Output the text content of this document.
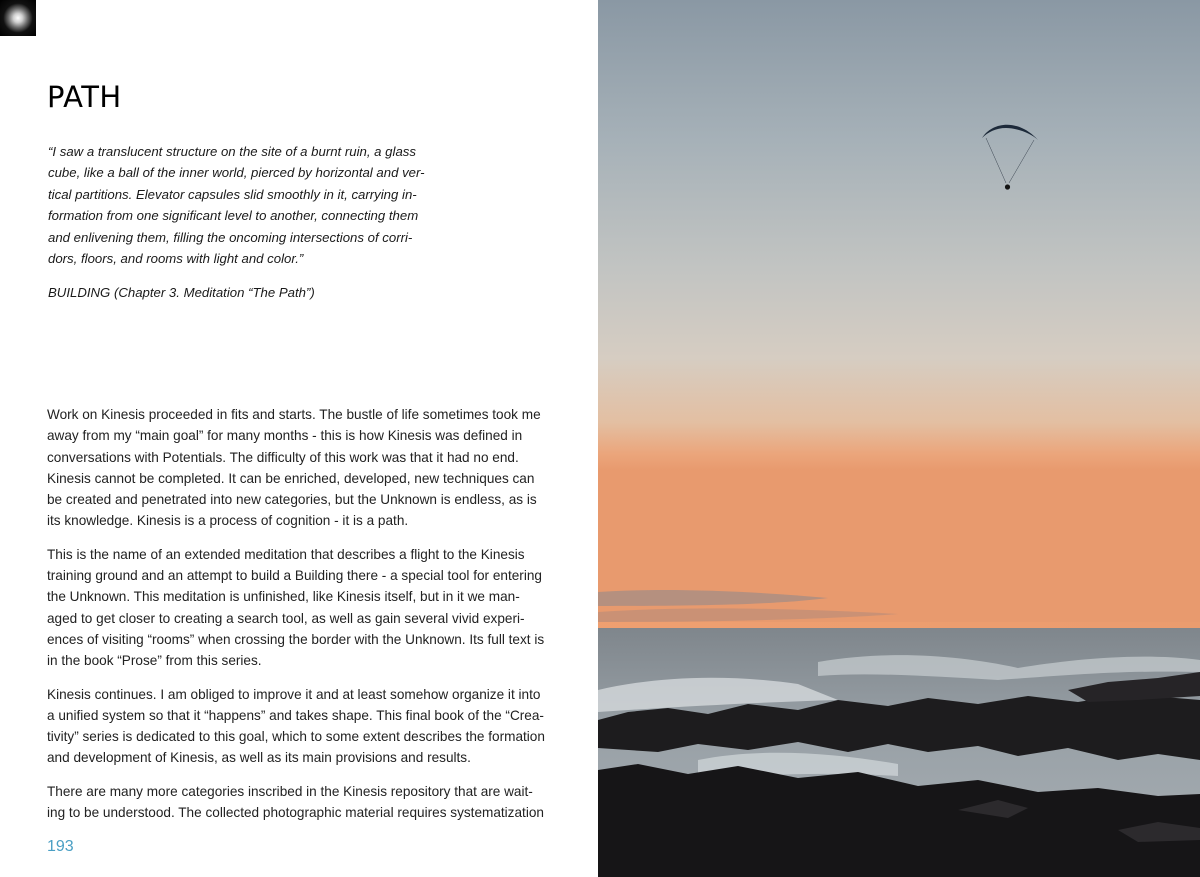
PATH
“I saw a translucent structure on the site of a burnt ruin, a glass
cube, like a ball of the inner world, pierced by horizontal and ver-
tical partitions. Elevator capsules slid smoothly in it, carrying in-
formation from one significant level to another, connecting them
and enlivening them, filling the oncoming intersections of corri-
dors, floors, and rooms with light and color.”

BUILDING (Chapter 3. Meditation “The Path”)

Work on Kinesis proceeded in fits and starts. The bustle of life sometimes took me
away from my “main goal” for many months - this is how Kinesis was defined in
conversations with Potentials. The difficulty of this work was that it had no end.
Kinesis cannot be completed. It can be enriched, developed, new techniques can
be created and penetrated into new categories, but the Unknown is endless, as is
its knowledge. Kinesis is a process of cognition - it is a path.

This is the name of an extended meditation that describes a flight to the Kinesis
training ground and an attempt to build a Building there - a special tool for entering
the Unknown. This meditation is unfinished, like Kinesis itself, but in it we man-
aged to get closer to creating a search tool, as well as gain several vivid experi-
ences of visiting “rooms” when crossing the border with the Unknown. Its full text is
in the book “Prose” from this series.

Kinesis continues. I am obliged to improve it and at least somehow organize it into
a unified system so that it “happens” and takes shape. This final book of the “Crea-
tivity” series is dedicated to this goal, which to some extent describes the formation
and development of Kinesis, as well as its main provisions and results.

There are many more categories inscribed in the Kinesis repository that are wait-
ing to be understood. The collected photographic material requires systematization

193
